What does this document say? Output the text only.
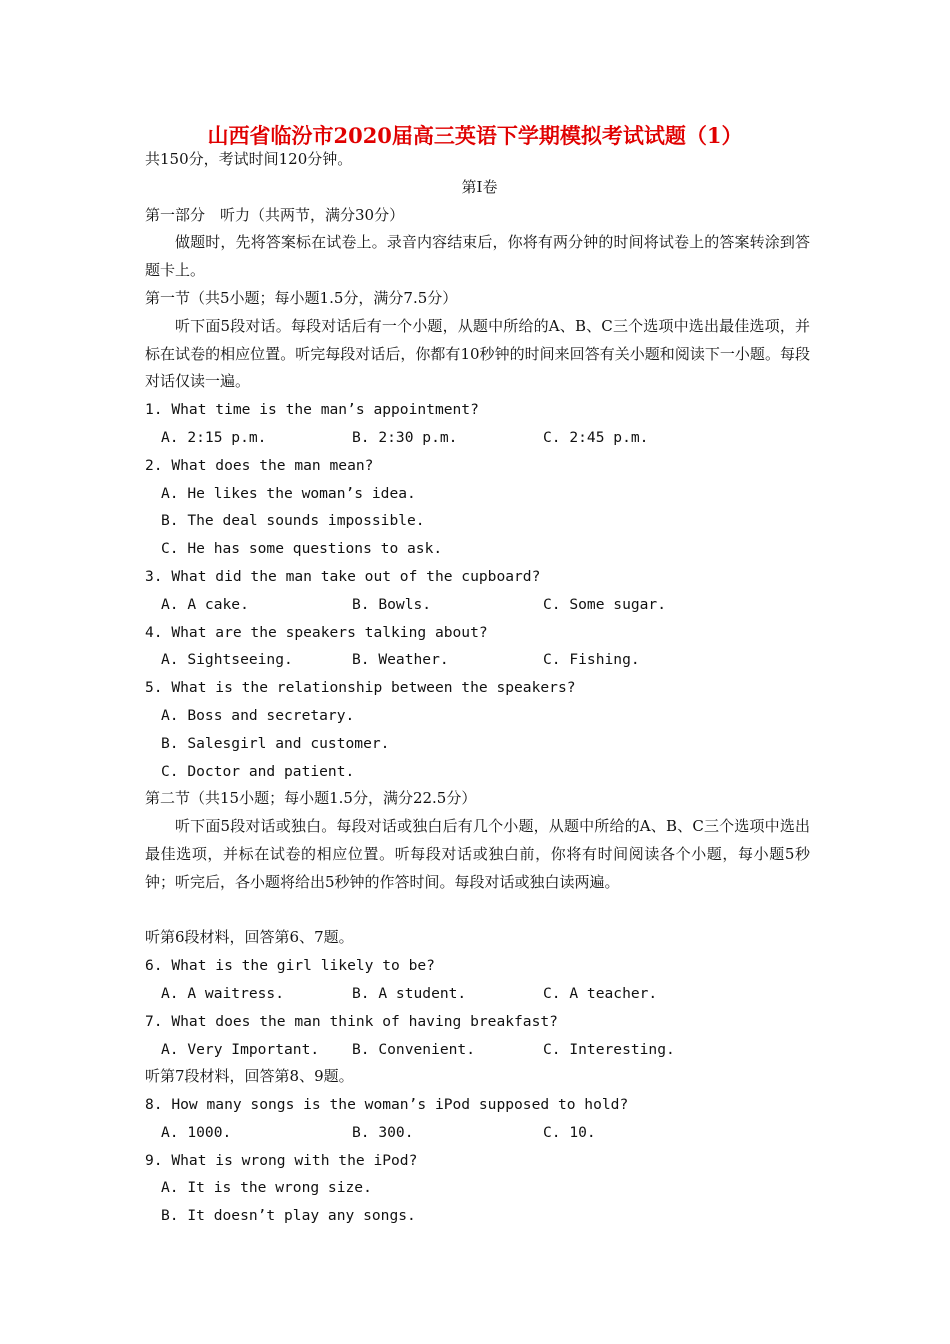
山西省临汾市2020届高三英语下学期模拟考试试题（1）
共150分，考试时间120分钟。
第Ⅰ卷
第一部分　听力（共两节，满分30分）
做题时，先将答案标在试卷上。录音内容结束后，你将有两分钟的时间将试卷上的答案转涂到答题卡上。
第一节（共5小题；每小题1.5分，满分7.5分）
听下面5段对话。每段对话后有一个小题，从题中所给的A、B、C三个选项中选出最佳选项，并标在试卷的相应位置。听完每段对话后，你都有10秒钟的时间来回答有关小题和阅读下一小题。每段对话仅读一遍。
1. What time is the man’s appointment?
A. 2:15 p.m.	B. 2:30 p.m.	C. 2:45 p.m.
2. What does the man mean?
A. He likes the woman’s idea.
B. The deal sounds impossible.
C. He has some questions to ask.
3. What did the man take out of the cupboard?
A. A cake.	B. Bowls.	C. Some sugar.
4. What are the speakers talking about?
A. Sightseeing.	B. Weather.	C. Fishing.
5. What is the relationship between the speakers?
A. Boss and secretary.
B. Salesgirl and customer.
C. Doctor and patient.
第二节（共15小题；每小题1.5分，满分22.5分）
听下面5段对话或独白。每段对话或独白后有几个小题，从题中所给的A、B、C三个选项中选出最佳选项，并标在试卷的相应位置。听每段对话或独白前，你将有时间阅读各个小题，每小题5秒钟；听完后，各小题将给出5秒钟的作答时间。每段对话或独白读两遍。
听第6段材料，回答第6、7题。
6. What is the girl likely to be?
A. A waitress.	B. A student.	C. A teacher.
7. What does the man think of having breakfast?
A. Very Important. B. Convenient.	C. Interesting.
听第7段材料，回答第8、9题。
8. How many songs is the woman’s iPod supposed to hold?
A. 1000.	B. 300.	C. 10.
9. What is wrong with the iPod?
A. It is the wrong size.
B. It doesn’t play any songs.
